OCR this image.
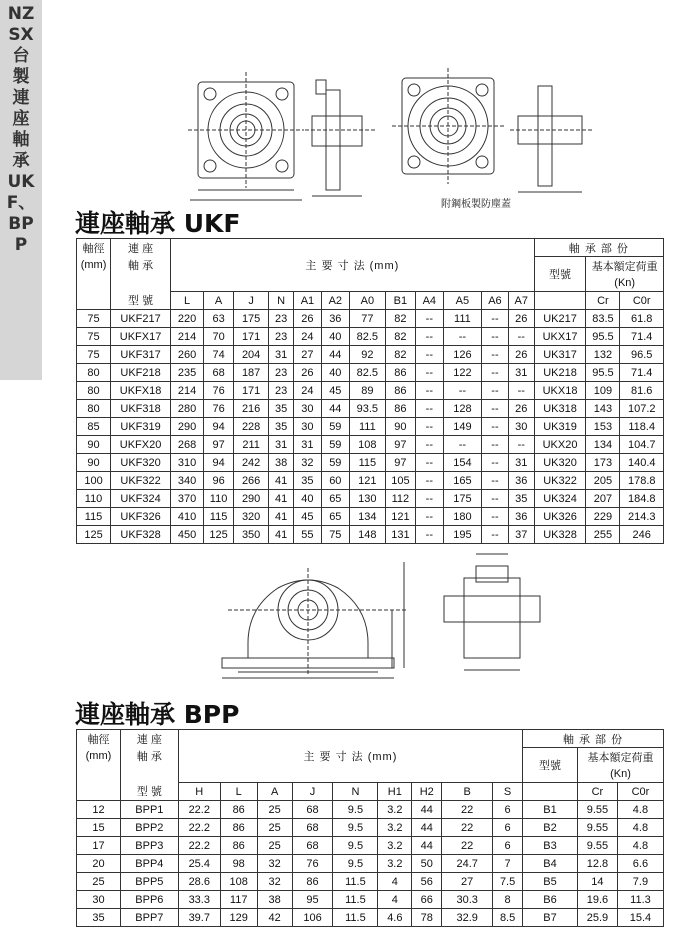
NZSX台製連座軸承UKF、BPP
附鋼板製防塵蓋
連座軸承 UKF
軸徑	連 座	主 要 寸 法 (mm)												軸 承 部 份		
(mm)	軸 承													型號	基本額定荷重	
															(Kn)	
	型 號	L	A	J	N	A1	A2	A0	B1	A4	A5	A6	A7		Cr	C0r
75	UKF217	220	63	175	23	26	36	77	82	--	111	--	26	UK217	83.5	61.8
75	UKFX17	214	70	171	23	24	40	82.5	82	--	--	--	--	UKX17	95.5	71.4
75	UKF317	260	74	204	31	27	44	92	82	--	126	--	26	UK317	132	96.5
80	UKF218	235	68	187	23	26	40	82.5	86	--	122	--	31	UK218	95.5	71.4
80	UKFX18	214	76	171	23	24	45	89	86	--	--	--	--	UKX18	109	81.6
80	UKF318	280	76	216	35	30	44	93.5	86	--	128	--	26	UK318	143	107.2
85	UKF319	290	94	228	35	30	59	111	90	--	149	--	30	UK319	153	118.4
90	UKFX20	268	97	211	31	31	59	108	97	--	--	--	--	UKX20	134	104.7
90	UKF320	310	94	242	38	32	59	115	97	--	154	--	31	UK320	173	140.4
100	UKF322	340	96	266	41	35	60	121	105	--	165	--	36	UK322	205	178.8
110	UKF324	370	110	290	41	40	65	130	112	--	175	--	35	UK324	207	184.8
115	UKF326	410	115	320	41	45	65	134	121	--	180	--	36	UK326	229	214.3
125	UKF328	450	125	350	41	55	75	148	131	--	195	--	37	UK328	255	246
連座軸承 BPP
軸徑	連 座	主 要 寸 法 (mm)									軸 承 部 份		
(mm)	軸 承										型號	基本額定荷重	
												(Kn)	
	型 號	H	L	A	J	N	H1	H2	B	S		Cr	C0r
12	BPP1	22.2	86	25	68	9.5	3.2	44	22	6	B1	9.55	4.8
15	BPP2	22.2	86	25	68	9.5	3.2	44	22	6	B2	9.55	4.8
17	BPP3	22.2	86	25	68	9.5	3.2	44	22	6	B3	9.55	4.8
20	BPP4	25.4	98	32	76	9.5	3.2	50	24.7	7	B4	12.8	6.6
25	BPP5	28.6	108	32	86	11.5	4	56	27	7.5	B5	14	7.9
30	BPP6	33.3	117	38	95	11.5	4	66	30.3	8	B6	19.6	11.3
35	BPP7	39.7	129	42	106	11.5	4.6	78	32.9	8.5	B7	25.9	15.4
